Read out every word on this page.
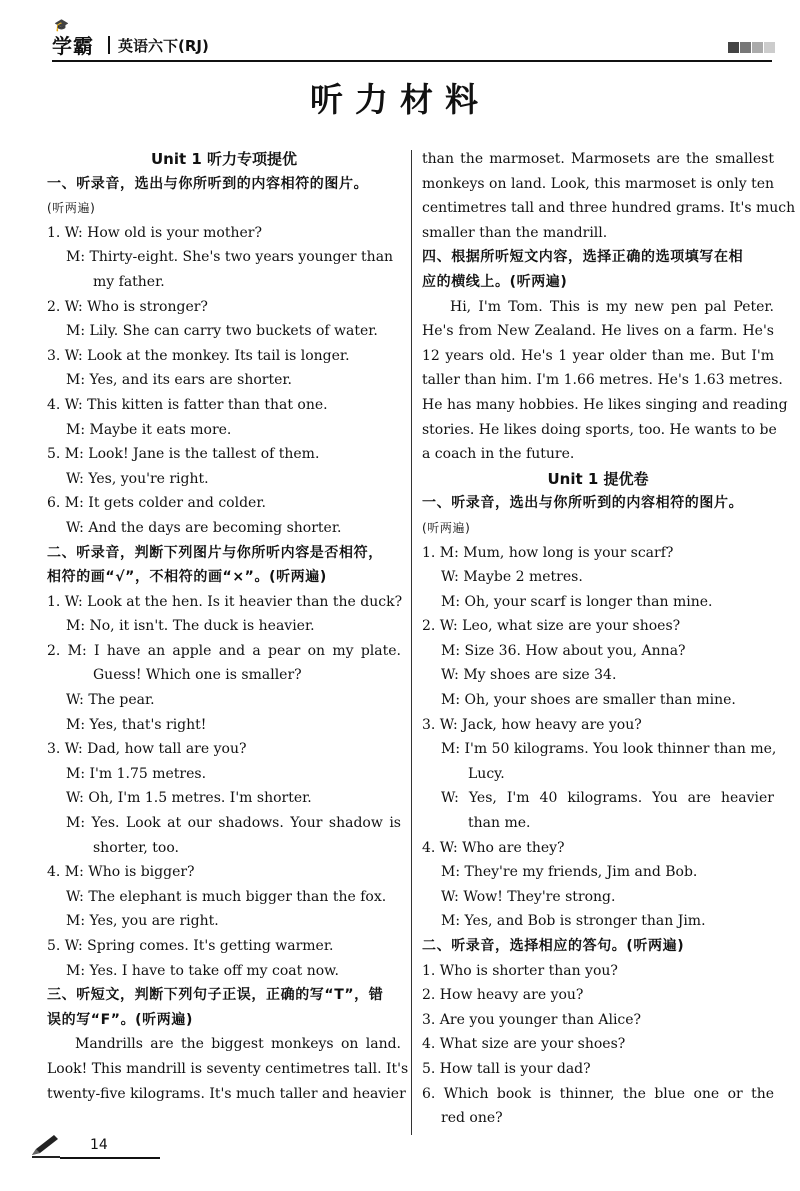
🎓
学霸 英语六下(RJ)
听力材料
Unit 1 听力专项提优
一、听录音，选出与你所听到的内容相符的图片。
(听两遍)
1. W: How old is your mother?
M: Thirty-eight. She's two years younger than
my father.
2. W: Who is stronger?
M: Lily. She can carry two buckets of water.
3. W: Look at the monkey. Its tail is longer.
M: Yes, and its ears are shorter.
4. W: This kitten is fatter than that one.
M: Maybe it eats more.
5. M: Look! Jane is the tallest of them.
W: Yes, you're right.
6. M: It gets colder and colder.
W: And the days are becoming shorter.
二、听录音，判断下列图片与你所听内容是否相符，
相符的画“√”，不相符的画“×”。(听两遍)
1. W: Look at the hen. Is it heavier than the duck?
M: No, it isn't. The duck is heavier.
2. M: I have an apple and a pear on my plate.
Guess! Which one is smaller?
W: The pear.
M: Yes, that's right!
3. W: Dad, how tall are you?
M: I'm 1.75 metres.
W: Oh, I'm 1.5 metres. I'm shorter.
M: Yes. Look at our shadows. Your shadow is
shorter, too.
4. M: Who is bigger?
W: The elephant is much bigger than the fox.
M: Yes, you are right.
5. W: Spring comes. It's getting warmer.
M: Yes. I have to take off my coat now.
三、听短文，判断下列句子正误，正确的写“T”，错
误的写“F”。(听两遍)
Mandrills are the biggest monkeys on land.
Look! This mandrill is seventy centimetres tall. It's
twenty-five kilograms. It's much taller and heavier
than the marmoset. Marmosets are the smallest
monkeys on land. Look, this marmoset is only ten
centimetres tall and three hundred grams. It's much
smaller than the mandrill.
四、根据所听短文内容，选择正确的选项填写在相
应的横线上。(听两遍)
Hi, I'm Tom. This is my new pen pal Peter.
He's from New Zealand. He lives on a farm. He's
12 years old. He's 1 year older than me. But I'm
taller than him. I'm 1.66 metres. He's 1.63 metres.
He has many hobbies. He likes singing and reading
stories. He likes doing sports, too. He wants to be
a coach in the future.
Unit 1 提优卷
一、听录音，选出与你所听到的内容相符的图片。
(听两遍)
1. M: Mum, how long is your scarf?
W: Maybe 2 metres.
M: Oh, your scarf is longer than mine.
2. W: Leo, what size are your shoes?
M: Size 36. How about you, Anna?
W: My shoes are size 34.
M: Oh, your shoes are smaller than mine.
3. W: Jack, how heavy are you?
M: I'm 50 kilograms. You look thinner than me,
Lucy.
W: Yes, I'm 40 kilograms. You are heavier
than me.
4. W: Who are they?
M: They're my friends, Jim and Bob.
W: Wow! They're strong.
M: Yes, and Bob is stronger than Jim.
二、听录音，选择相应的答句。(听两遍)
1. Who is shorter than you?
2. How heavy are you?
3. Are you younger than Alice?
4. What size are your shoes?
5. How tall is your dad?
6. Which book is thinner, the blue one or the
red one?
14
